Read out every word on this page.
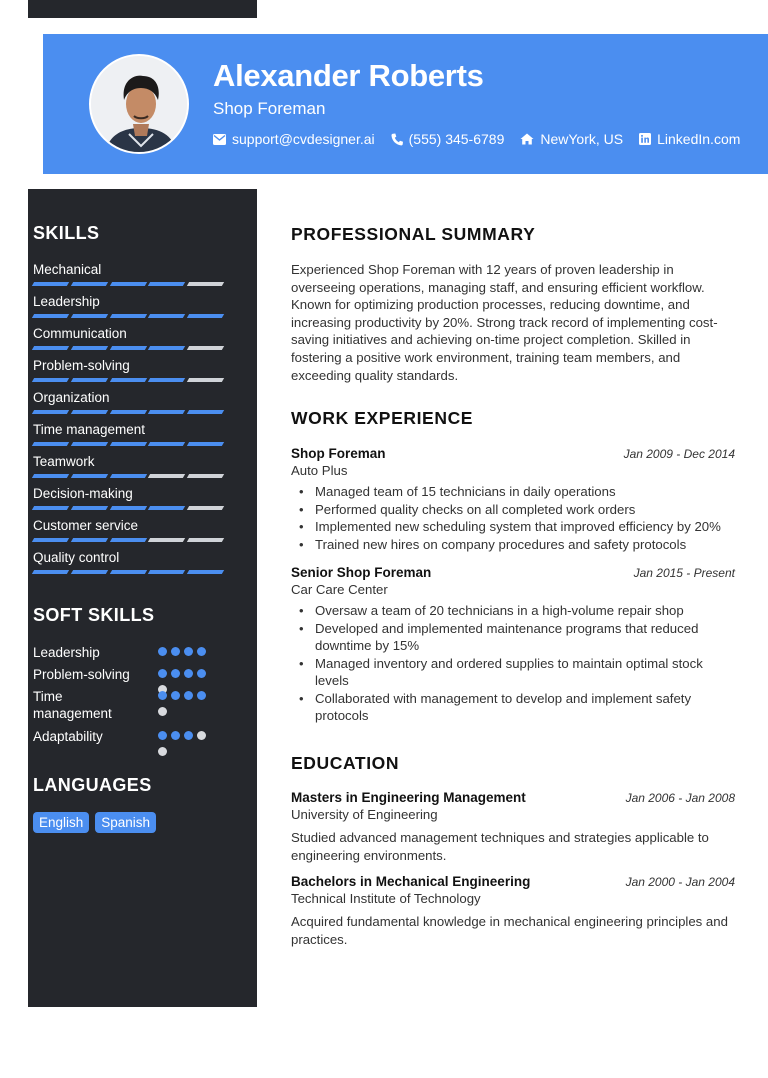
Alexander Roberts
Shop Foreman
support@cvdesigner.ai (555) 345-6789	NewYork, US LinkedIn.com
SKILLS
Mechanical
Leadership
Communication
Problem-solving
Organization
Time management
Teamwork
Decision-making
Customer service
Quality control
SOFT SKILLS
Leadership
Problem-solving
Time management
Adaptability
LANGUAGES
English	Spanish
PROFESSIONAL SUMMARY
Experienced Shop Foreman with 12 years of proven leadership in overseeing operations, managing staff, and ensuring efficient workflow. Known for optimizing production processes, reducing downtime, and increasing productivity by 20%. Strong track record of implementing cost-saving initiatives and achieving on-time project completion. Skilled in fostering a positive work environment, training team members, and exceeding quality standards.
WORK EXPERIENCE
Shop Foreman	Jan 2009 - Dec 2014
Auto Plus
• Managed team of 15 technicians in daily operations
• Performed quality checks on all completed work orders
• Implemented new scheduling system that improved efficiency by 20%
• Trained new hires on company procedures and safety protocols
Senior Shop Foreman	Jan 2015 - Present
Car Care Center
• Oversaw a team of 20 technicians in a high-volume repair shop
• Developed and implemented maintenance programs that reduced downtime by 15%
• Managed inventory and ordered supplies to maintain optimal stock levels
• Collaborated with management to develop and implement safety protocols
EDUCATION
Masters in Engineering Management	Jan 2006 - Jan 2008
University of Engineering
Studied advanced management techniques and strategies applicable to engineering environments.
Bachelors in Mechanical Engineering	Jan 2000 - Jan 2004
Technical Institute of Technology
Acquired fundamental knowledge in mechanical engineering principles and practices.
